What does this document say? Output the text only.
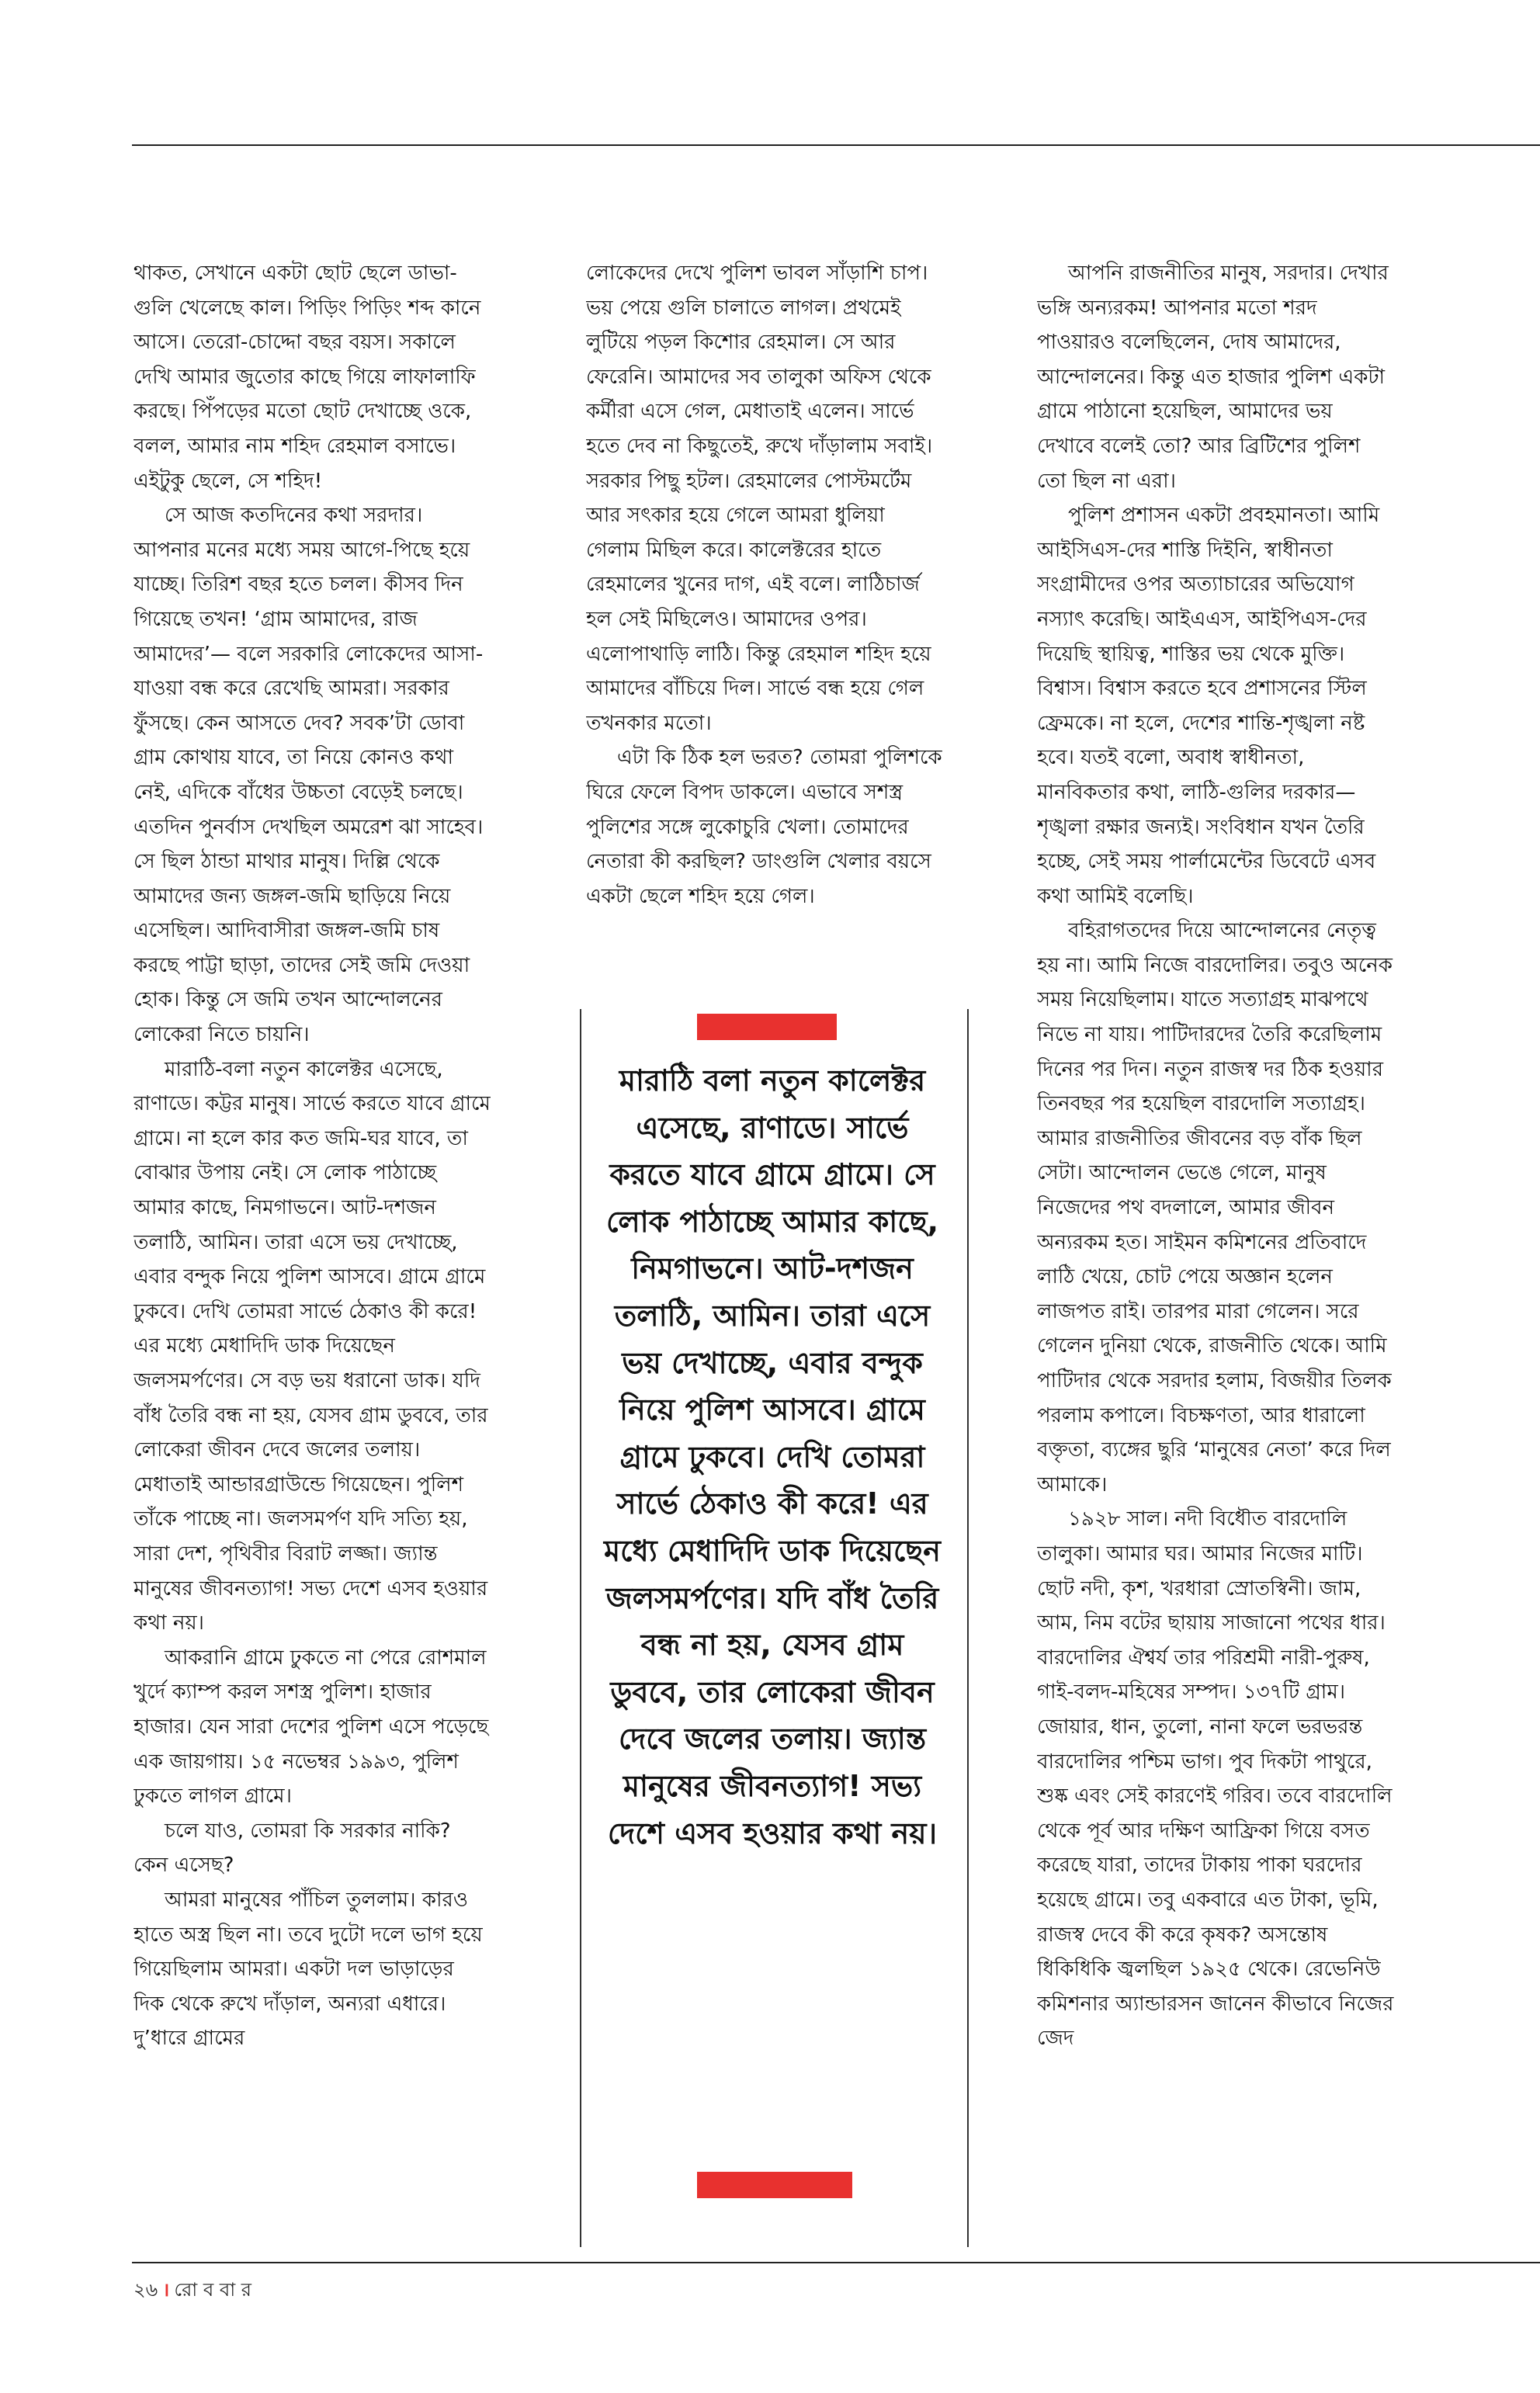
থাকত, সেখানে একটা ছোট ছেলে ডাভা-গুলি খেলেছে কাল। পিড়িং পিড়িং শব্দ কানে আসে। তেরো-চোদ্দো বছর বয়স। সকালে দেখি আমার জুতোর কাছে গিয়ে লাফালাফি করছে। পিঁপড়ের মতো ছোট দেখাচ্ছে ওকে, বলল, আমার নাম শহিদ রেহমাল বসাভে। এইটুকু ছেলে, সে শহিদ!

সে আজ কতদিনের কথা সরদার। আপনার মনের মধ্যে সময় আগে-পিছে হয়ে যাচ্ছে। তিরিশ বছর হতে চলল। কীসব দিন গিয়েছে তখন! ‘গ্রাম আমাদের, রাজ আমাদের’— বলে সরকারি লোকেদের আসা-যাওয়া বন্ধ করে রেখেছি আমরা। সরকার ফুঁসছে। কেন আসতে দেব? সবক’টা ডোবা গ্রাম কোথায় যাবে, তা নিয়ে কোনও কথা নেই, এদিকে বাঁধের উচ্চতা বেড়েই চলছে। এতদিন পুনর্বাস দেখছিল অমরেশ ঝা সাহেব। সে ছিল ঠান্ডা মাথার মানুষ। দিল্লি থেকে আমাদের জন্য জঙ্গল-জমি ছাড়িয়ে নিয়ে এসেছিল। আদিবাসীরা জঙ্গল-জমি চাষ করছে পাট্টা ছাড়া, তাদের সেই জমি দেওয়া হোক। কিন্তু সে জমি তখন আন্দোলনের লোকেরা নিতে চায়নি।

মারাঠি-বলা নতুন কালেক্টর এসেছে, রাণাডে। কট্টর মানুষ। সার্ভে করতে যাবে গ্রামে গ্রামে। না হলে কার কত জমি-ঘর যাবে, তা বোঝার উপায় নেই। সে লোক পাঠাচ্ছে আমার কাছে, নিমগাভনে। আট-দশজন তলাঠি, আমিন। তারা এসে ভয় দেখাচ্ছে, এবার বন্দুক নিয়ে পুলিশ আসবে। গ্রামে গ্রামে ঢুকবে। দেখি তোমরা সার্ভে ঠেকাও কী করে! এর মধ্যে মেধাদিদি ডাক দিয়েছেন জলসমর্পণের। সে বড় ভয় ধরানো ডাক। যদি বাঁধ তৈরি বন্ধ না হয়, যেসব গ্রাম ডুববে, তার লোকেরা জীবন দেবে জলের তলায়। মেধাতাই আন্ডারগ্রাউন্ডে গিয়েছেন। পুলিশ তাঁকে পাচ্ছে না। জলসমর্পণ যদি সত্যি হয়, সারা দেশ, পৃথিবীর বিরাট লজ্জা। জ্যান্ত মানুষের জীবনত্যাগ! সভ্য দেশে এসব হওয়ার কথা নয়।

আকরানি গ্রামে ঢুকতে না পেরে রোশমাল খুর্দে ক্যাম্প করল সশস্ত্র পুলিশ। হাজার হাজার। যেন সারা দেশের পুলিশ এসে পড়েছে এক জায়গায়। ১৫ নভেম্বর ১৯৯৩, পুলিশ ঢুকতে লাগল গ্রামে।

চলে যাও, তোমরা কি সরকার নাকি? কেন এসেছ?

আমরা মানুষের পাঁচিল তুললাম। কারও হাতে অস্ত্র ছিল না। তবে দুটো দলে ভাগ হয়ে গিয়েছিলাম আমরা। একটা দল ভাড়াড়ের দিক থেকে রুখে দাঁড়াল, অন্যরা এধারে। দু’ধারে গ্রামের

লোকেদের দেখে পুলিশ ভাবল সাঁড়াশি চাপ। ভয় পেয়ে গুলি চালাতে লাগল। প্রথমেই লুটিয়ে পড়ল কিশোর রেহমাল। সে আর ফেরেনি। আমাদের সব তালুকা অফিস থেকে কর্মীরা এসে গেল, মেধাতাই এলেন। সার্ভে হতে দেব না কিছুতেই, রুখে দাঁড়ালাম সবাই। সরকার পিছু হটল। রেহমালের পোস্টমর্টেম আর সৎকার হয়ে গেলে আমরা ধুলিয়া গেলাম মিছিল করে। কালেক্টরের হাতে রেহমালের খুনের দাগ, এই বলে। লাঠিচার্জ হল সেই মিছিলেও। আমাদের ওপর। এলোপাথাড়ি লাঠি। কিন্তু রেহমাল শহিদ হয়ে আমাদের বাঁচিয়ে দিল। সার্ভে বন্ধ হয়ে গেল তখনকার মতো।

এটা কি ঠিক হল ভরত? তোমরা পুলিশকে ঘিরে ফেলে বিপদ ডাকলে। এভাবে সশস্ত্র পুলিশের সঙ্গে লুকোচুরি খেলা। তোমাদের নেতারা কী করছিল? ডাংগুলি খেলার বয়সে একটা ছেলে শহিদ হয়ে গেল।

মারাঠি বলা নতুন কালেক্টর এসেছে, রাণাডে। সার্ভে করতে যাবে গ্রামে গ্রামে। সে লোক পাঠাচ্ছে আমার কাছে, নিমগাভনে। আট-দশজন তলাঠি, আমিন। তারা এসে ভয় দেখাচ্ছে, এবার বন্দুক নিয়ে পুলিশ আসবে। গ্রামে গ্রামে ঢুকবে। দেখি তোমরা সার্ভে ঠেকাও কী করে! এর মধ্যে মেধাদিদি ডাক দিয়েছেন জলসমর্পণের। যদি বাঁধ তৈরি বন্ধ না হয়, যেসব গ্রাম ডুববে, তার লোকেরা জীবন দেবে জলের তলায়। জ্যান্ত মানুষের জীবনত্যাগ! সভ্য দেশে এসব হওয়ার কথা নয়।

আপনি রাজনীতির মানুষ, সরদার। দেখার ভঙ্গি অন্যরকম! আপনার মতো শরদ পাওয়ারও বলেছিলেন, দোষ আমাদের, আন্দোলনের। কিন্তু এত হাজার পুলিশ একটা গ্রামে পাঠানো হয়েছিল, আমাদের ভয় দেখাবে বলেই তো? আর ব্রিটিশের পুলিশ তো ছিল না এরা।

পুলিশ প্রশাসন একটা প্রবহমানতা। আমি আইসিএস-দের শাস্তি দিইনি, স্বাধীনতা সংগ্রামীদের ওপর অত্যাচারের অভিযোগ নস্যাৎ করেছি। আইএএস, আইপিএস-দের দিয়েছি স্থায়িত্ব, শাস্তির ভয় থেকে মুক্তি। বিশ্বাস। বিশ্বাস করতে হবে প্রশাসনের স্টিল ফ্রেমকে। না হলে, দেশের শান্তি-শৃঙ্খলা নষ্ট হবে। যতই বলো, অবাধ স্বাধীনতা, মানবিকতার কথা, লাঠি-গুলির দরকার—শৃঙ্খলা রক্ষার জন্যই। সংবিধান যখন তৈরি হচ্ছে, সেই সময় পার্লামেন্টের ডিবেটে এসব কথা আমিই বলেছি।

বহিরাগতদের দিয়ে আন্দোলনের নেতৃত্ব হয় না। আমি নিজে বারদোলির। তবুও অনেক সময় নিয়েছিলাম। যাতে সত্যাগ্রহ মাঝপথে নিভে না যায়। পাটিদারদের তৈরি করেছিলাম দিনের পর দিন। নতুন রাজস্ব দর ঠিক হওয়ার তিনবছর পর হয়েছিল বারদোলি সত্যাগ্রহ। আমার রাজনীতির জীবনের বড় বাঁক ছিল সেটা। আন্দোলন ভেঙে গেলে, মানুষ নিজেদের পথ বদলালে, আমার জীবন অন্যরকম হত। সাইমন কমিশনের প্রতিবাদে লাঠি খেয়ে, চোট পেয়ে অজ্ঞান হলেন লাজপত রাই। তারপর মারা গেলেন। সরে গেলেন দুনিয়া থেকে, রাজনীতি থেকে। আমি পাটিদার থেকে সরদার হলাম, বিজয়ীর তিলক পরলাম কপালে। বিচক্ষণতা, আর ধারালো বক্তৃতা, ব্যঙ্গের ছুরি ‘মানুষের নেতা’ করে দিল আমাকে।

১৯২৮ সাল। নদী বিধৌত বারদোলি তালুকা। আমার ঘর। আমার নিজের মাটি। ছোট নদী, কৃশ, খরধারা স্রোতস্বিনী। জাম, আম, নিম বটের ছায়ায় সাজানো পথের ধার। বারদোলির ঐশ্বর্য তার পরিশ্রমী নারী-পুরুষ, গাই-বলদ-মহিষের সম্পদ। ১৩৭টি গ্রাম। জোয়ার, ধান, তুলো, নানা ফলে ভরভরন্ত বারদোলির পশ্চিম ভাগ। পুব দিকটা পাথুরে, শুষ্ক এবং সেই কারণেই গরিব। তবে বারদোলি থেকে পূর্ব আর দক্ষিণ আফ্রিকা গিয়ে বসত করেছে যারা, তাদের টাকায় পাকা ঘরদোর হয়েছে গ্রামে। তবু একবারে এত টাকা, ভূমি, রাজস্ব দেবে কী করে কৃষক? অসন্তোষ ধিকিধিকি জ্বলছিল ১৯২৫ থেকে। রেভেনিউ কমিশনার অ্যান্ডারসন জানেন কীভাবে নিজের জেদ

২৬ । রো ব বা র
